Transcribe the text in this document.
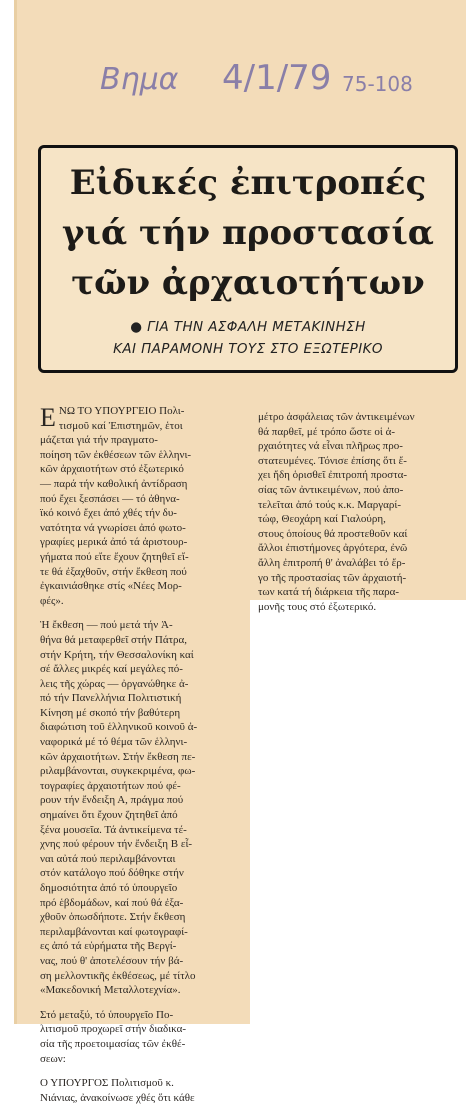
Βημα 4/1/79 75-108
Εἰδικές ἐπιτροπές
γιά τήν προστασία
τῶν ἀρχαιοτήτων
● ΓΙΑ ΤΗΝ ΑΣΦΑΛΗ ΜΕΤΑΚΙΝΗΣΗ
ΚΑΙ ΠΑΡΑΜΟΝΗ ΤΟΥΣ ΣΤΟ ΕΞΩΤΕΡΙΚΟ
Ε ΝΩ ΤΟ ΥΠΟΥΡΓΕΙΟ Πολι-
τισμοῦ καί Ἐπιστημῶν, ἑτοι
μάζεται γιά τήν πραγματο-
ποίηση τῶν ἐκθέσεων τῶν ἑλληνι-
κῶν ἀρχαιοτήτων στό ἐξωτερικό
— παρά τήν καθολική ἀντίδραση
πού ἔχει ξεσπάσει — τό ἀθηνα-
ϊκό κοινό ἔχει ἀπό χθές τήν δυ-
νατότητα νά γνωρίσει ἀπό φωτο-
γραφίες μερικά ἀπό τά ἀριστουρ-
γήματα πού εἴτε ἔχουν ζητηθεῖ εἴ-
τε θά ἐξαχθοῦν, στήν ἔκθεση πού
ἐγκαινιάσθηκε στίς «Νέες Μορ-
φές».

Ἡ ἔκθεση — πού μετά τήν Ἀ-
θήνα θά μεταφερθεῖ στήν Πάτρα,
στήν Κρήτη, τήν Θεσσαλονίκη καί
σέ ἄλλες μικρές καί μεγάλες πό-
λεις τῆς χώρας — ὀργανώθηκε ἀ-
πό τήν Πανελλήνια Πολιτιστική
Κίνηση μέ σκοπό τήν βαθύτερη
διαφώτιση τοῦ ἑλληνικοῦ κοινοῦ ἀ-
ναφορικά μέ τό θέμα τῶν ἑλληνι-
κῶν ἀρχαιοτήτων. Στήν ἔκθεση πε-
ριλαμβάνονται, συγκεκριμένα, φω-
τογραφίες ἀρχαιοτήτων πού φέ-
ρουν τήν ἔνδειξη Α, πράγμα πού
σημαίνει ὅτι ἔχουν ζητηθεῖ ἀπό
ξένα μουσεῖα. Τά ἀντικείμενα τέ-
χνης πού φέρουν τήν ἔνδειξη Β εἶ-
ναι αὐτά πού περιλαμβάνονται
στόν κατάλογο πού δόθηκε στήν
δημοσιότητα ἀπό τό ὑπουργεῖο
πρό ἑβδομάδων, καί πού θά ἐξα-
χθοῦν ὁπωσδήποτε. Στήν ἔκθεση
περιλαμβάνονται καί φωτογραφί-
ες ἀπό τά εὑρήματα τῆς Βεργί-
νας, πού θ' ἀποτελέσουν τήν βά-
ση μελλοντικῆς ἐκθέσεως, μέ τίτλο
«Μακεδονική Μεταλλοτεχνία».

Στό μεταξύ, τό ὑπουργεῖο Πο-
λιτισμοῦ προχωρεῖ στήν διαδικα-
σία τῆς προετοιμασίας τῶν ἐκθέ-
σεων:

Ο ΥΠΟΥΡΓΟΣ Πολιτισμοῦ κ.
Νιάνιας, ἀνακοίνωσε χθές ὅτι κάθε

μέτρο ἀσφάλειας τῶν ἀντικειμένων
θά παρθεῖ, μέ τρόπο ὥστε οἱ ἀ-
ρχαιότητες νά εἶναι πλῆρως προ-
στατευμένες. Τόνισε ἐπίσης ὅτι ἔ-
χει ἤδη ὁρισθεῖ ἐπιτροπή προστα-
σίας τῶν ἀντικειμένων, πού ἀπο-
τελεῖται ἀπό τούς κ.κ. Μαργαρί-
τώφ, Θεοχάρη καί Γιαλούρη,
στους ὁποίους θά προστεθοῦν καί
ἄλλοι ἐπιστήμονες ἀργότερα, ἐνῶ
ἄλλη ἐπιτροπή θ' ἀναλάβει τό ἔρ-
γο τῆς προστασίας τῶν ἀρχαιοτή-
των κατά τή διάρκεια τῆς παρα-
μονῆς τους στό ἐξωτερικό.
